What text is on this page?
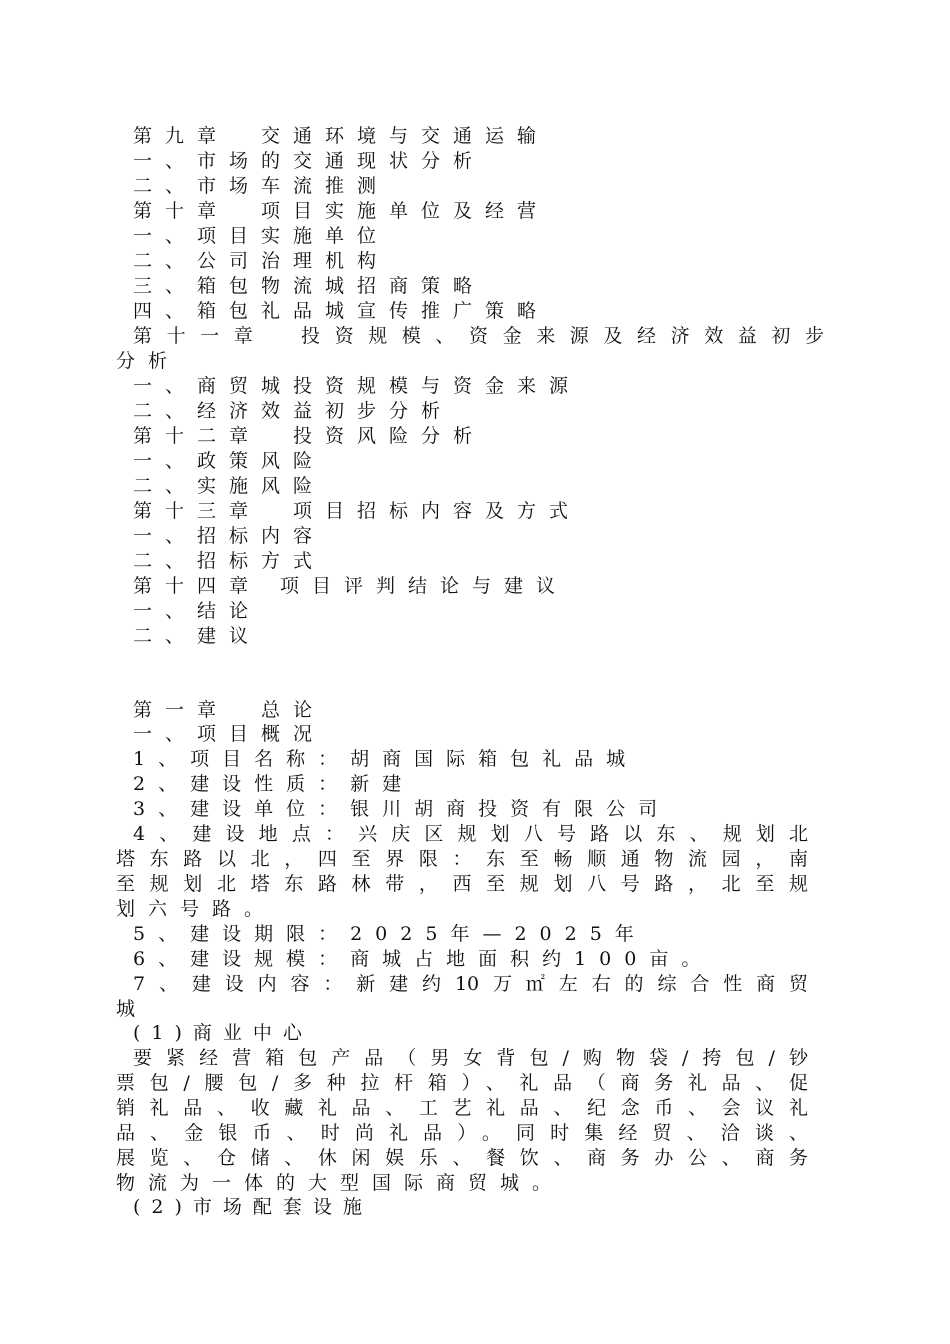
第九章　交通环境与交通运输
一、市场的交通现状分析
二、市场车流推测
第十章　项目实施单位及经营
一、项目实施单位
二、公司治理机构
三、箱包物流城招商策略
四、箱包礼品城宣传推广策略
第十一章　投资规模、资金来源及经济效益初步
分析
一、商贸城投资规模与资金来源
二、经济效益初步分析
第十二章　投资风险分析
一、政策风险
二、实施风险
第十三章　项目招标内容及方式
一、招标内容
二、招标方式
第十四章 项目评判结论与建议
一、结论
二、建议
第一章　总论
一、项目概况
1、项目名称：胡商国际箱包礼品城
2、建设性质：新建
3、建设单位：银川胡商投资有限公司
4、建设地点：兴庆区规划八号路以东、规划北
塔东路以北，四至界限：东至畅顺通物流园，南
至规划北塔东路林带，西至规划八号路，北至规
划六号路。
5、建设期限：2025年—2025年
6、建设规模：商城占地面积约100亩。
7、建设内容：新建约10万㎡左右的综合性商贸
城
(1)商业中心
要紧经营箱包产品（男女背包/购物袋/挎包/钞
票包/腰包/多种拉杆箱）、礼品（商务礼品、促
销礼品、收藏礼品、工艺礼品、纪念币、会议礼
品、金银币、时尚礼品）。同时集经贸、洽谈、
展览、仓储、休闲娱乐、餐饮、商务办公、商务
物流为一体的大型国际商贸城。
(2)市场配套设施
